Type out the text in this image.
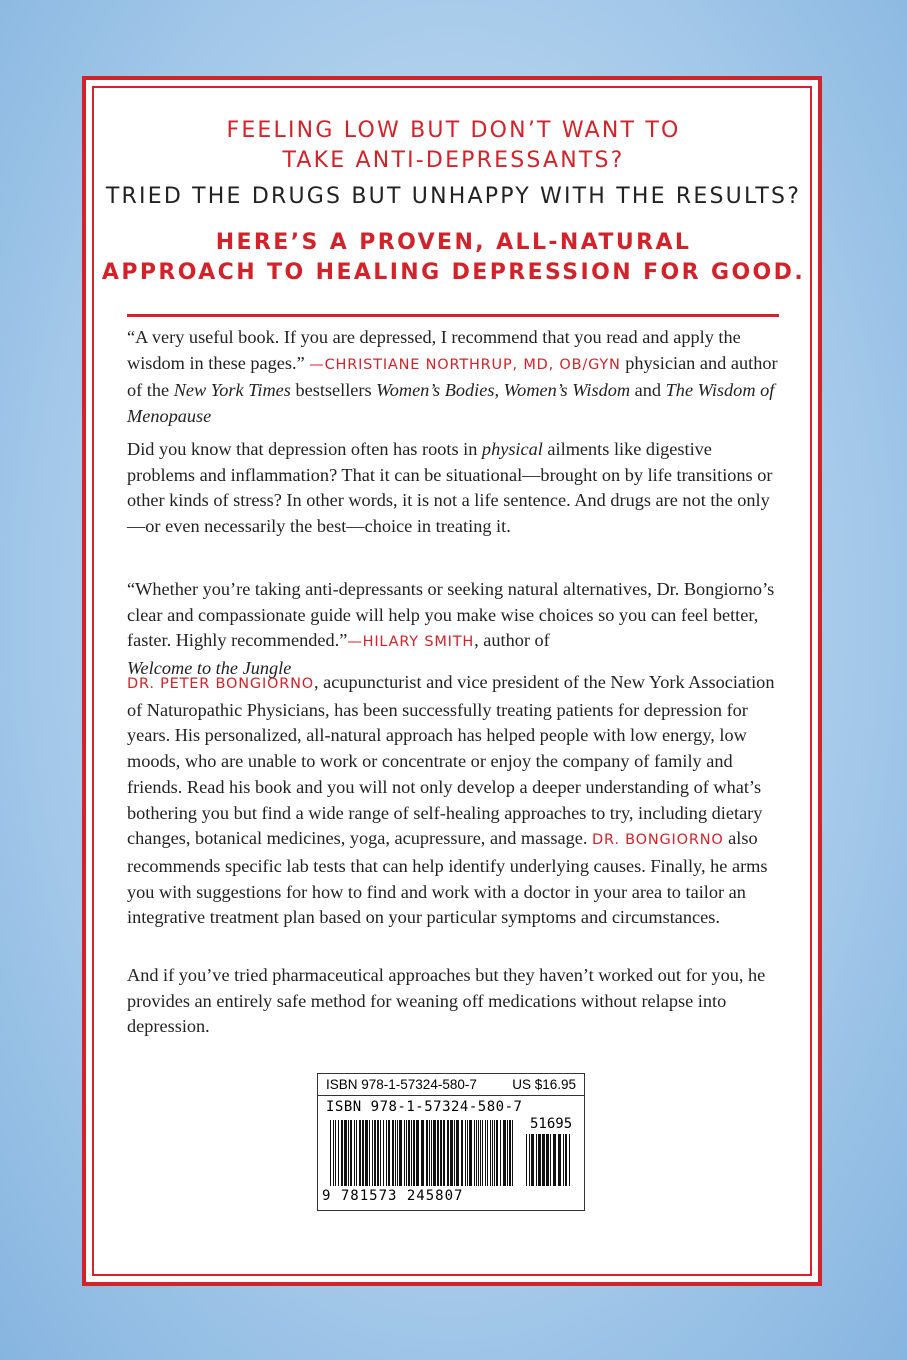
FEELING LOW BUT DON’T WANT TO
TAKE ANTI-DEPRESSANTS?
TRIED THE DRUGS BUT UNHAPPY WITH THE RESULTS?
HERE’S A PROVEN, ALL-NATURAL
APPROACH TO HEALING DEPRESSION FOR GOOD.

“A very useful book. If you are depressed, I recommend that you read and apply the wisdom in these pages.” —CHRISTIANE NORTHRUP, MD, OB/GYN physician and author of the New York Times bestsellers Women’s Bodies, Women’s Wisdom and The Wisdom of Menopause

Did you know that depression often has roots in physical ailments like digestive problems and inflammation? That it can be situational—brought on by life transitions or other kinds of stress? In other words, it is not a life sentence. And drugs are not the only—or even necessarily the best—choice in treating it.

“Whether you’re taking anti-depressants or seeking natural alternatives, Dr. Bongiorno’s clear and compassionate guide will help you make wise choices so you can feel better, faster. Highly recommended.”—HILARY SMITH, author of
Welcome to the Jungle

DR. PETER BONGIORNO, acupuncturist and vice president of the New York Association of Naturopathic Physicians, has been successfully treating patients for depression for years. His personalized, all-natural approach has helped people with low energy, low moods, who are unable to work or concentrate or enjoy the company of family and friends. Read his book and you will not only develop a deeper understanding of what’s bothering you but find a wide range of self-healing approaches to try, including dietary changes, botanical medicines, yoga, acupressure, and massage. DR. BONGIORNO also recommends specific lab tests that can help identify underlying causes. Finally, he arms you with suggestions for how to find and work with a doctor in your area to tailor an integrative treatment plan based on your particular symptoms and circumstances.

And if you’ve tried pharmaceutical approaches but they haven’t worked out for you, he provides an entirely safe method for weaning off medications without relapse into depression.

ISBN 978-1-57324-580-7	US $16.95
ISBN 978-1-57324-580-7
51695
9 781573 245807
